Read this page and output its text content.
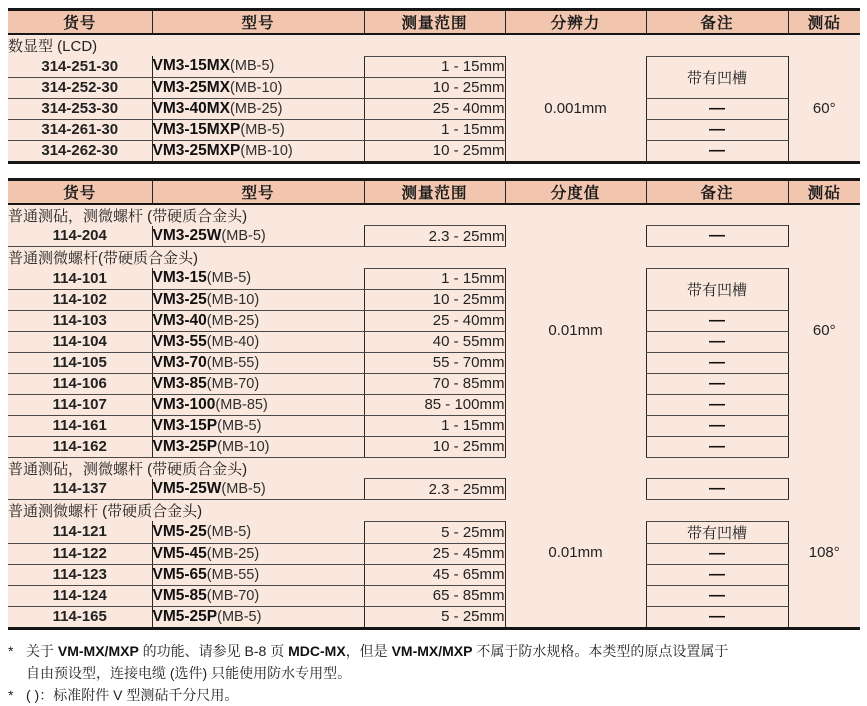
货号	型号	测量范围	分辨力	备注	测砧
数显型 (LCD)					
314-251-30	VM3-15MX(MB-5)	1 - 15mm	0.001mm	带有凹槽	60°
314-252-30	VM3-25MX(MB-10)	10 - 25mm			
314-253-30	VM3-40MX(MB-25)	25 - 40mm		—	
314-261-30	VM3-15MXP(MB-5)	1 - 15mm		—	
314-262-30	VM3-25MXP(MB-10)	10 - 25mm		—	
货号	型号	测量范围	分度值	备注	测砧
普通测砧，测微螺杆 (带硬质合金头)			0.01mm		60°
114-204	VM3-25W(MB-5)	2.3 - 25mm		—	
普通测微螺杆(带硬质合金头)					
114-101	VM3-15(MB-5)	1 - 15mm		带有凹槽	
114-102	VM3-25(MB-10)	10 - 25mm			
114-103	VM3-40(MB-25)	25 - 40mm		—	
114-104	VM3-55(MB-40)	40 - 55mm		—	
114-105	VM3-70(MB-55)	55 - 70mm		—	
114-106	VM3-85(MB-70)	70 - 85mm		—	
114-107	VM3-100(MB-85)	85 - 100mm		—	
114-161	VM3-15P(MB-5)	1 - 15mm		—	
114-162	VM3-25P(MB-10)	10 - 25mm		—	
普通测砧，测微螺杆 (带硬质合金头)					
114-137	VM5-25W(MB-5)	2.3 - 25mm	0.01mm	—	108°
普通测微螺杆 (带硬质合金头)					
114-121	VM5-25(MB-5)	5 - 25mm		带有凹槽	
114-122	VM5-45(MB-25)	25 - 45mm		—	
114-123	VM5-65(MB-55)	45 - 65mm		—	
114-124	VM5-85(MB-70)	65 - 85mm		—	
114-165	VM5-25P(MB-5)	5 - 25mm		—	
* 关于 VM-MX/MXP 的功能、请参见 B-8 页 MDC-MX，但是 VM-MX/MXP 不属于防水规格。本类型的原点设置属于
自由预设型，连接电缆 (选件) 只能使用防水专用型。
* ( )：标准附件 V 型测砧千分尺用。
